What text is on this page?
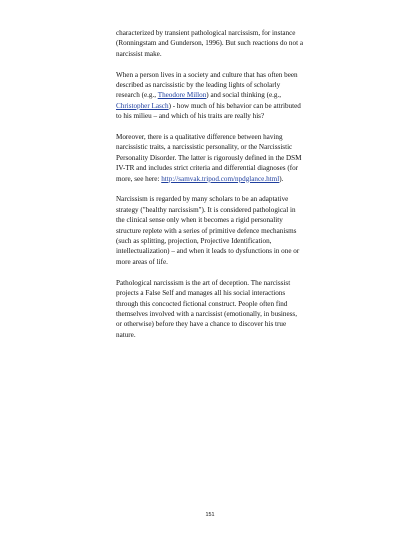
characterized by transient pathological narcissism, for instance (Ronningstam and Gunderson, 1996). But such reactions do not a narcissist make.

When a person lives in a society and culture that has often been described as narcissistic by the leading lights of scholarly research (e.g., Theodore Millon) and social thinking (e.g., Christopher Lasch) - how much of his behavior can be attributed to his milieu – and which of his traits are really his?

Moreover, there is a qualitative difference between having narcissistic traits, a narcissistic personality, or the Narcissistic Personality Disorder. The latter is rigorously defined in the DSM IV-TR and includes strict criteria and differential diagnoses (for more, see here: http://samvak.tripod.com/npdglance.html).

Narcissism is regarded by many scholars to be an adaptative strategy ("healthy narcissism"). It is considered pathological in the clinical sense only when it becomes a rigid personality structure replete with a series of primitive defence mechanisms (such as splitting, projection, Projective Identification, intellectualization) – and when it leads to dysfunctions in one or more areas of life.

Pathological narcissism is the art of deception. The narcissist projects a False Self and manages all his social interactions through this concocted fictional construct. People often find themselves involved with a narcissist (emotionally, in business, or otherwise) before they have a chance to discover his true nature.

151
